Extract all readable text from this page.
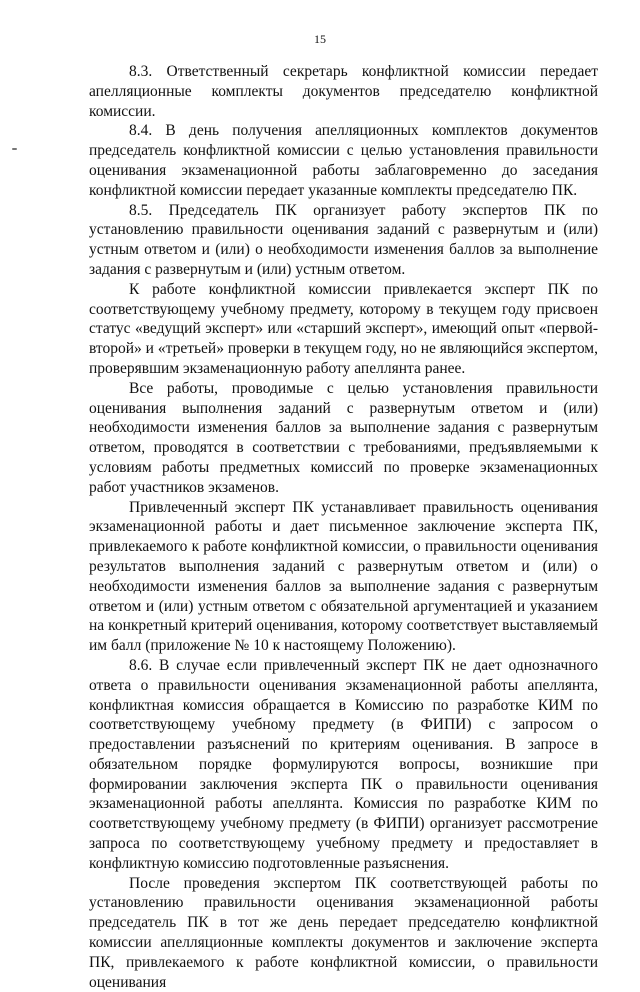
15

8.3. Ответственный секретарь конфликтной комиссии передает апелляционные комплекты документов председателю конфликтной комиссии.

8.4. В день получения апелляционных комплектов документов председатель конфликтной комиссии с целью установления правильности оценивания экзаменационной работы заблаговременно до заседания конфликтной комиссии передает указанные комплекты председателю ПК.

8.5. Председатель ПК организует работу экспертов ПК по установлению правильности оценивания заданий с развернутым и (или) устным ответом и (или) о необходимости изменения баллов за выполнение задания с развернутым и (или) устным ответом.

К работе конфликтной комиссии привлекается эксперт ПК по соответствующему учебному предмету, которому в текущем году присвоен статус «ведущий эксперт» или «старший эксперт», имеющий опыт «первой-второй» и «третьей» проверки в текущем году, но не являющийся экспертом, проверявшим экзаменационную работу апеллянта ранее.

Все работы, проводимые с целью установления правильности оценивания выполнения заданий с развернутым ответом и (или) необходимости изменения баллов за выполнение задания с развернутым ответом, проводятся в соответствии с требованиями, предъявляемыми к условиям работы предметных комиссий по проверке экзаменационных работ участников экзаменов.

Привлеченный эксперт ПК устанавливает правильность оценивания экзаменационной работы и дает письменное заключение эксперта ПК, привлекаемого к работе конфликтной комиссии, о правильности оценивания результатов выполнения заданий с развернутым ответом и (или) о необходимости изменения баллов за выполнение задания с развернутым ответом и (или) устным ответом с обязательной аргументацией и указанием на конкретный критерий оценивания, которому соответствует выставляемый им балл (приложение № 10 к настоящему Положению).

8.6. В случае если привлеченный эксперт ПК не дает однозначного ответа о правильности оценивания экзаменационной работы апеллянта, конфликтная комиссия обращается в Комиссию по разработке КИМ по соответствующему учебному предмету (в ФИПИ) с запросом о предоставлении разъяснений по критериям оценивания. В запросе в обязательном порядке формулируются вопросы, возникшие при формировании заключения эксперта ПК о правильности оценивания экзаменационной работы апеллянта. Комиссия по разработке КИМ по соответствующему учебному предмету (в ФИПИ) организует рассмотрение запроса по соответствующему учебному предмету и предоставляет в конфликтную комиссию подготовленные разъяснения.

После проведения экспертом ПК соответствующей работы по установлению правильности оценивания экзаменационной работы председатель ПК в тот же день передает председателю конфликтной комиссии апелляционные комплекты документов и заключение эксперта ПК, привлекаемого к работе конфликтной комиссии, о правильности оценивания
